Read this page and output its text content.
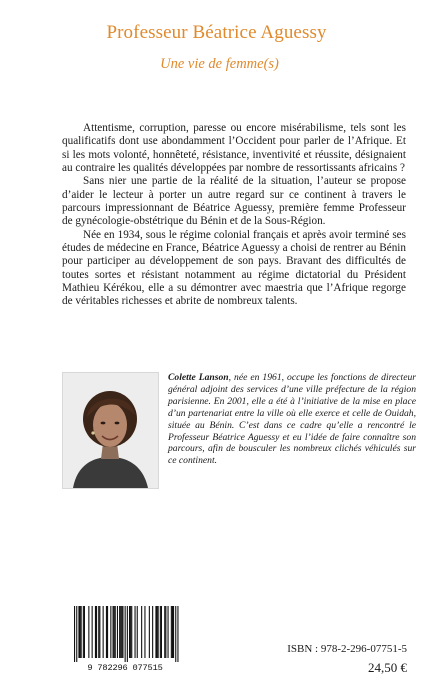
Professeur Béatrice Aguessy
Une vie de femme(s)

Attentisme, corruption, paresse ou encore misérabilisme, tels sont les qualificatifs dont use abondamment l’Occident pour parler de l’Afrique. Et si les mots volonté, honnêteté, résistance, inventivité et réussite, désignaient au contraire les qualités développées par nombre de ressortissants africains ?

Sans nier une partie de la réalité de la situation, l’auteur se propose d’aider le lecteur à porter un autre regard sur ce continent à travers le parcours impressionnant de Béatrice Aguessy, première femme Professeur de gynécologie-obstétrique du Bénin et de la Sous-Région.

Née en 1934, sous le régime colonial français et après avoir terminé ses études de médecine en France, Béatrice Aguessy a choisi de rentrer au Bénin pour participer au développement de son pays. Bravant des difficultés de toutes sortes et résistant notamment au régime dictatorial du Président Mathieu Kérékou, elle a su démontrer avec maestria que l’Afrique regorge de véritables richesses et abrite de nombreux talents.

Colette Lanson, née en 1961, occupe les fonctions de directeur général adjoint des services d’une ville préfecture de la région parisienne. En 2001, elle a été à l’initiative de la mise en place d’un partenariat entre la ville où elle exerce et celle de Ouidah, située au Bénin. C’est dans ce cadre qu’elle a rencontré le Professeur Béatrice Aguessy et eu l’idée de faire connaître son parcours, afin de bousculer les nombreux clichés véhiculés sur ce continent.
9 782296 077515
ISBN : 978-2-296-07751-5
24,50 €
